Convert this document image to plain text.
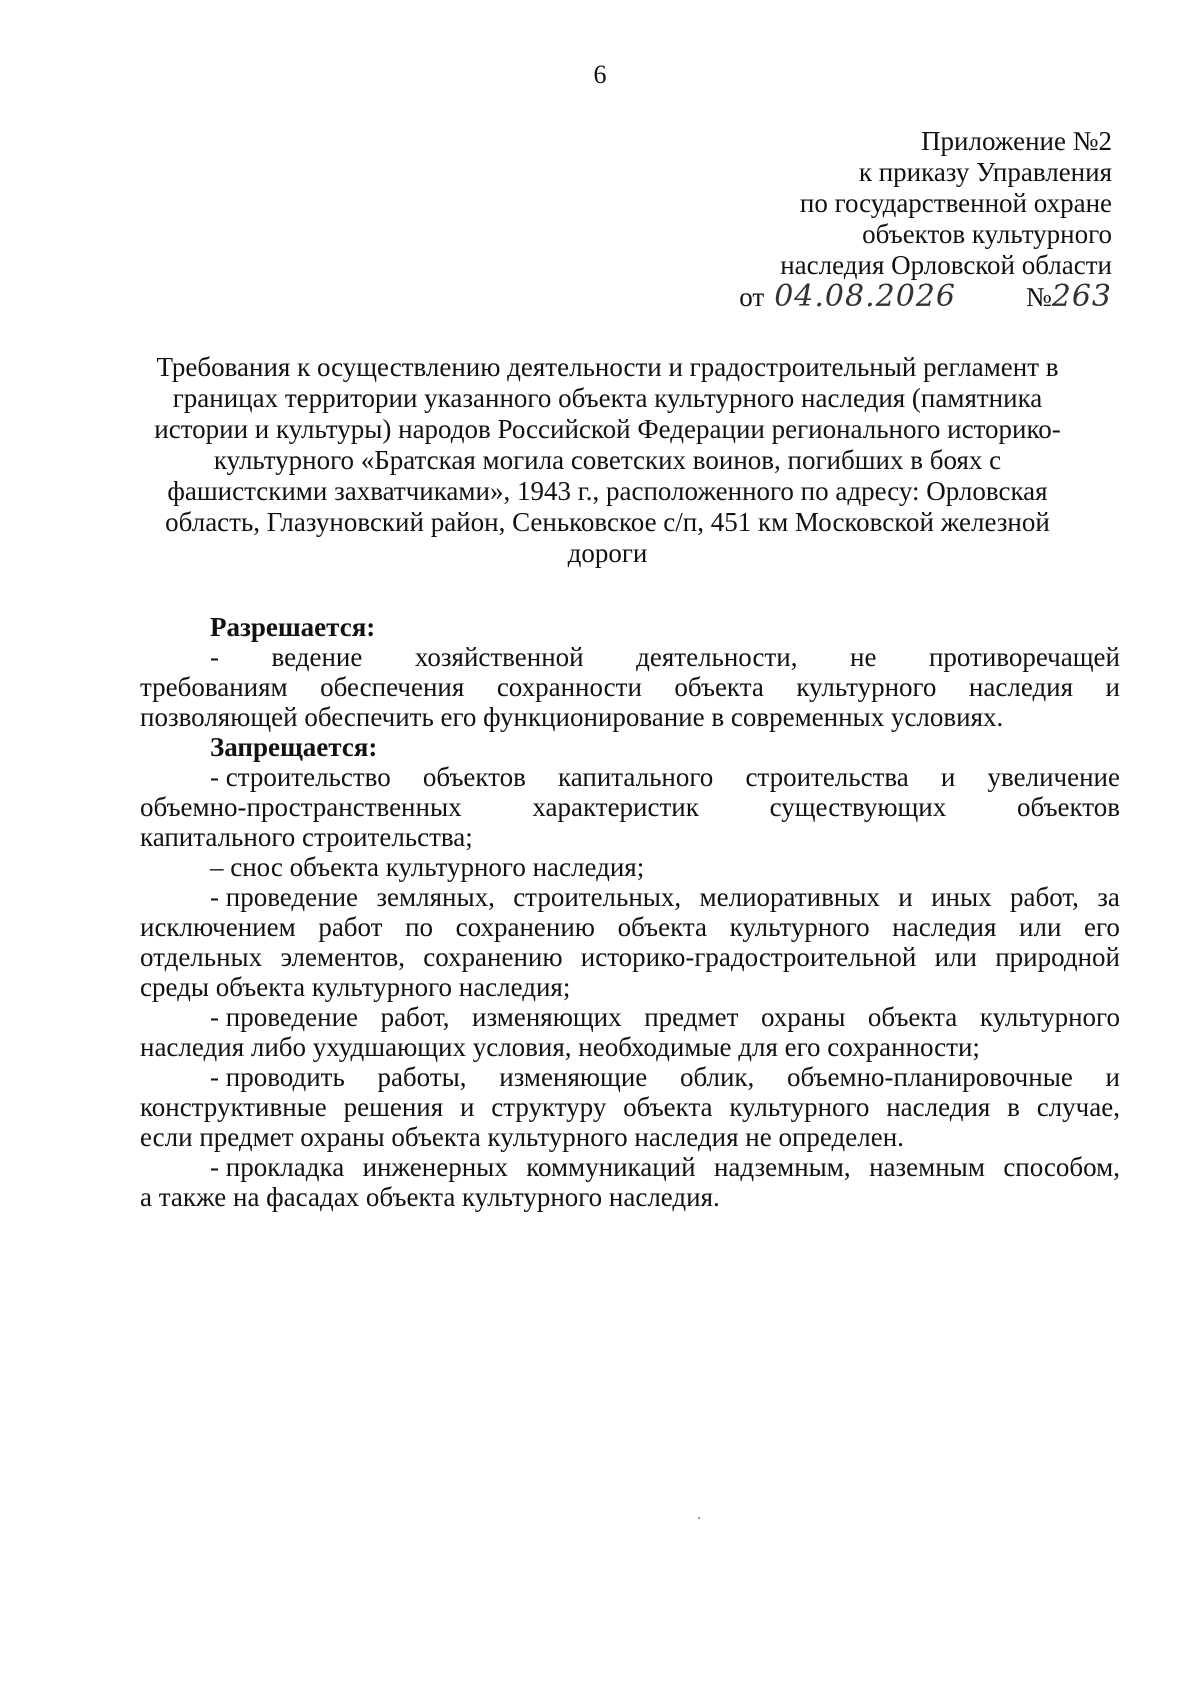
6
Приложение №2
к приказу Управления
по государственной охране
объектов культурного
наследия Орловской области
от 04.08.2026	№ 263
Требования к осуществлению деятельности и градостроительный регламент в
границах территории указанного объекта культурного наследия (памятника
истории и культуры) народов Российской Федерации регионального историко-
культурного «Братская могила советских воинов, погибших в боях с
фашистскими захватчиками», 1943 г., расположенного по адресу: Орловская
область, Глазуновский район, Сеньковское с/п, 451 км Московской железной
дороги

Разрешается:

- ведение хозяйственной деятельности, не противоречащей
требованиям обеспечения сохранности объекта культурного наследия и
позволяющей обеспечить его функционирование в современных условиях.

Запрещается:

- строительство объектов капитального строительства и увеличение
объемно-пространственных	характеристик	существующих	объектов
капитального строительства;
– снос объекта культурного наследия;
- проведение земляных, строительных, мелиоративных и иных работ, за
исключением работ по сохранению объекта культурного наследия или его
отдельных элементов, сохранению историко-градостроительной или природной
среды объекта культурного наследия;
- проведение работ, изменяющих предмет охраны объекта культурного
наследия либо ухудшающих условия, необходимые для его сохранности;
- проводить работы, изменяющие облик, объемно-планировочные и
конструктивные решения и структуру объекта культурного наследия в случае,
если предмет охраны объекта культурного наследия не определен.
- прокладка инженерных коммуникаций надземным, наземным способом,
а также на фасадах объекта культурного наследия.
